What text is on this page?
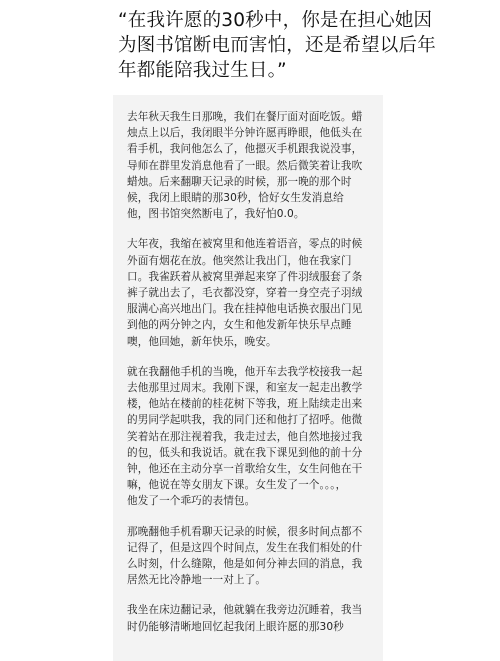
“在我许愿的30秒中，你是在担心她因
为图书馆断电而害怕，还是希望以后年
年都能陪我过生日。”

去年秋天我生日那晚，我们在餐厅面对面吃饭。蜡
烛点上以后，我闭眼半分钟许愿再睁眼，他低头在
看手机，我问他怎么了，他摁灭手机跟我说没事，
导师在群里发消息他看了一眼。然后微笑着让我吹
蜡烛。后来翻聊天记录的时候，那一晚的那个时
候，我闭上眼睛的那30秒，恰好女生发消息给
他，图书馆突然断电了，我好怕0.0。

大年夜，我缩在被窝里和他连着语音，零点的时候
外面有烟花在放。他突然让我出门，他在我家门
口。我雀跃着从被窝里弹起来穿了件羽绒服套了条
裤子就出去了，毛衣都没穿，穿着一身空壳子羽绒
服满心高兴地出门。我在挂掉他电话换衣服出门见
到他的两分钟之内，女生和他发新年快乐早点睡
噢，他回她，新年快乐，晚安。

就在我翻他手机的当晚，他开车去我学校接我一起
去他那里过周末。我刚下课，和室友一起走出教学
楼，他站在楼前的桂花树下等我，班上陆续走出来
的男同学起哄我，我的同门还和他打了招呼。他微
笑着站在那注视着我，我走过去，他自然地接过我
的包，低头和我说话。就在我下课见到他的前十分
钟，他还在主动分享一首歌给女生，女生问他在干
嘛，他说在等女朋友下课。女生发了一个。。。，
他发了一个乖巧的表情包。

那晚翻他手机看聊天记录的时候，很多时间点都不
记得了，但是这四个时间点，发生在我们相处的什
么时刻，什么缝隙，他是如何分神去回的消息，我
居然无比冷静地一一对上了。

我坐在床边翻记录，他就躺在我旁边沉睡着，我当
时仍能够清晰地回忆起我闭上眼许愿的那30秒
